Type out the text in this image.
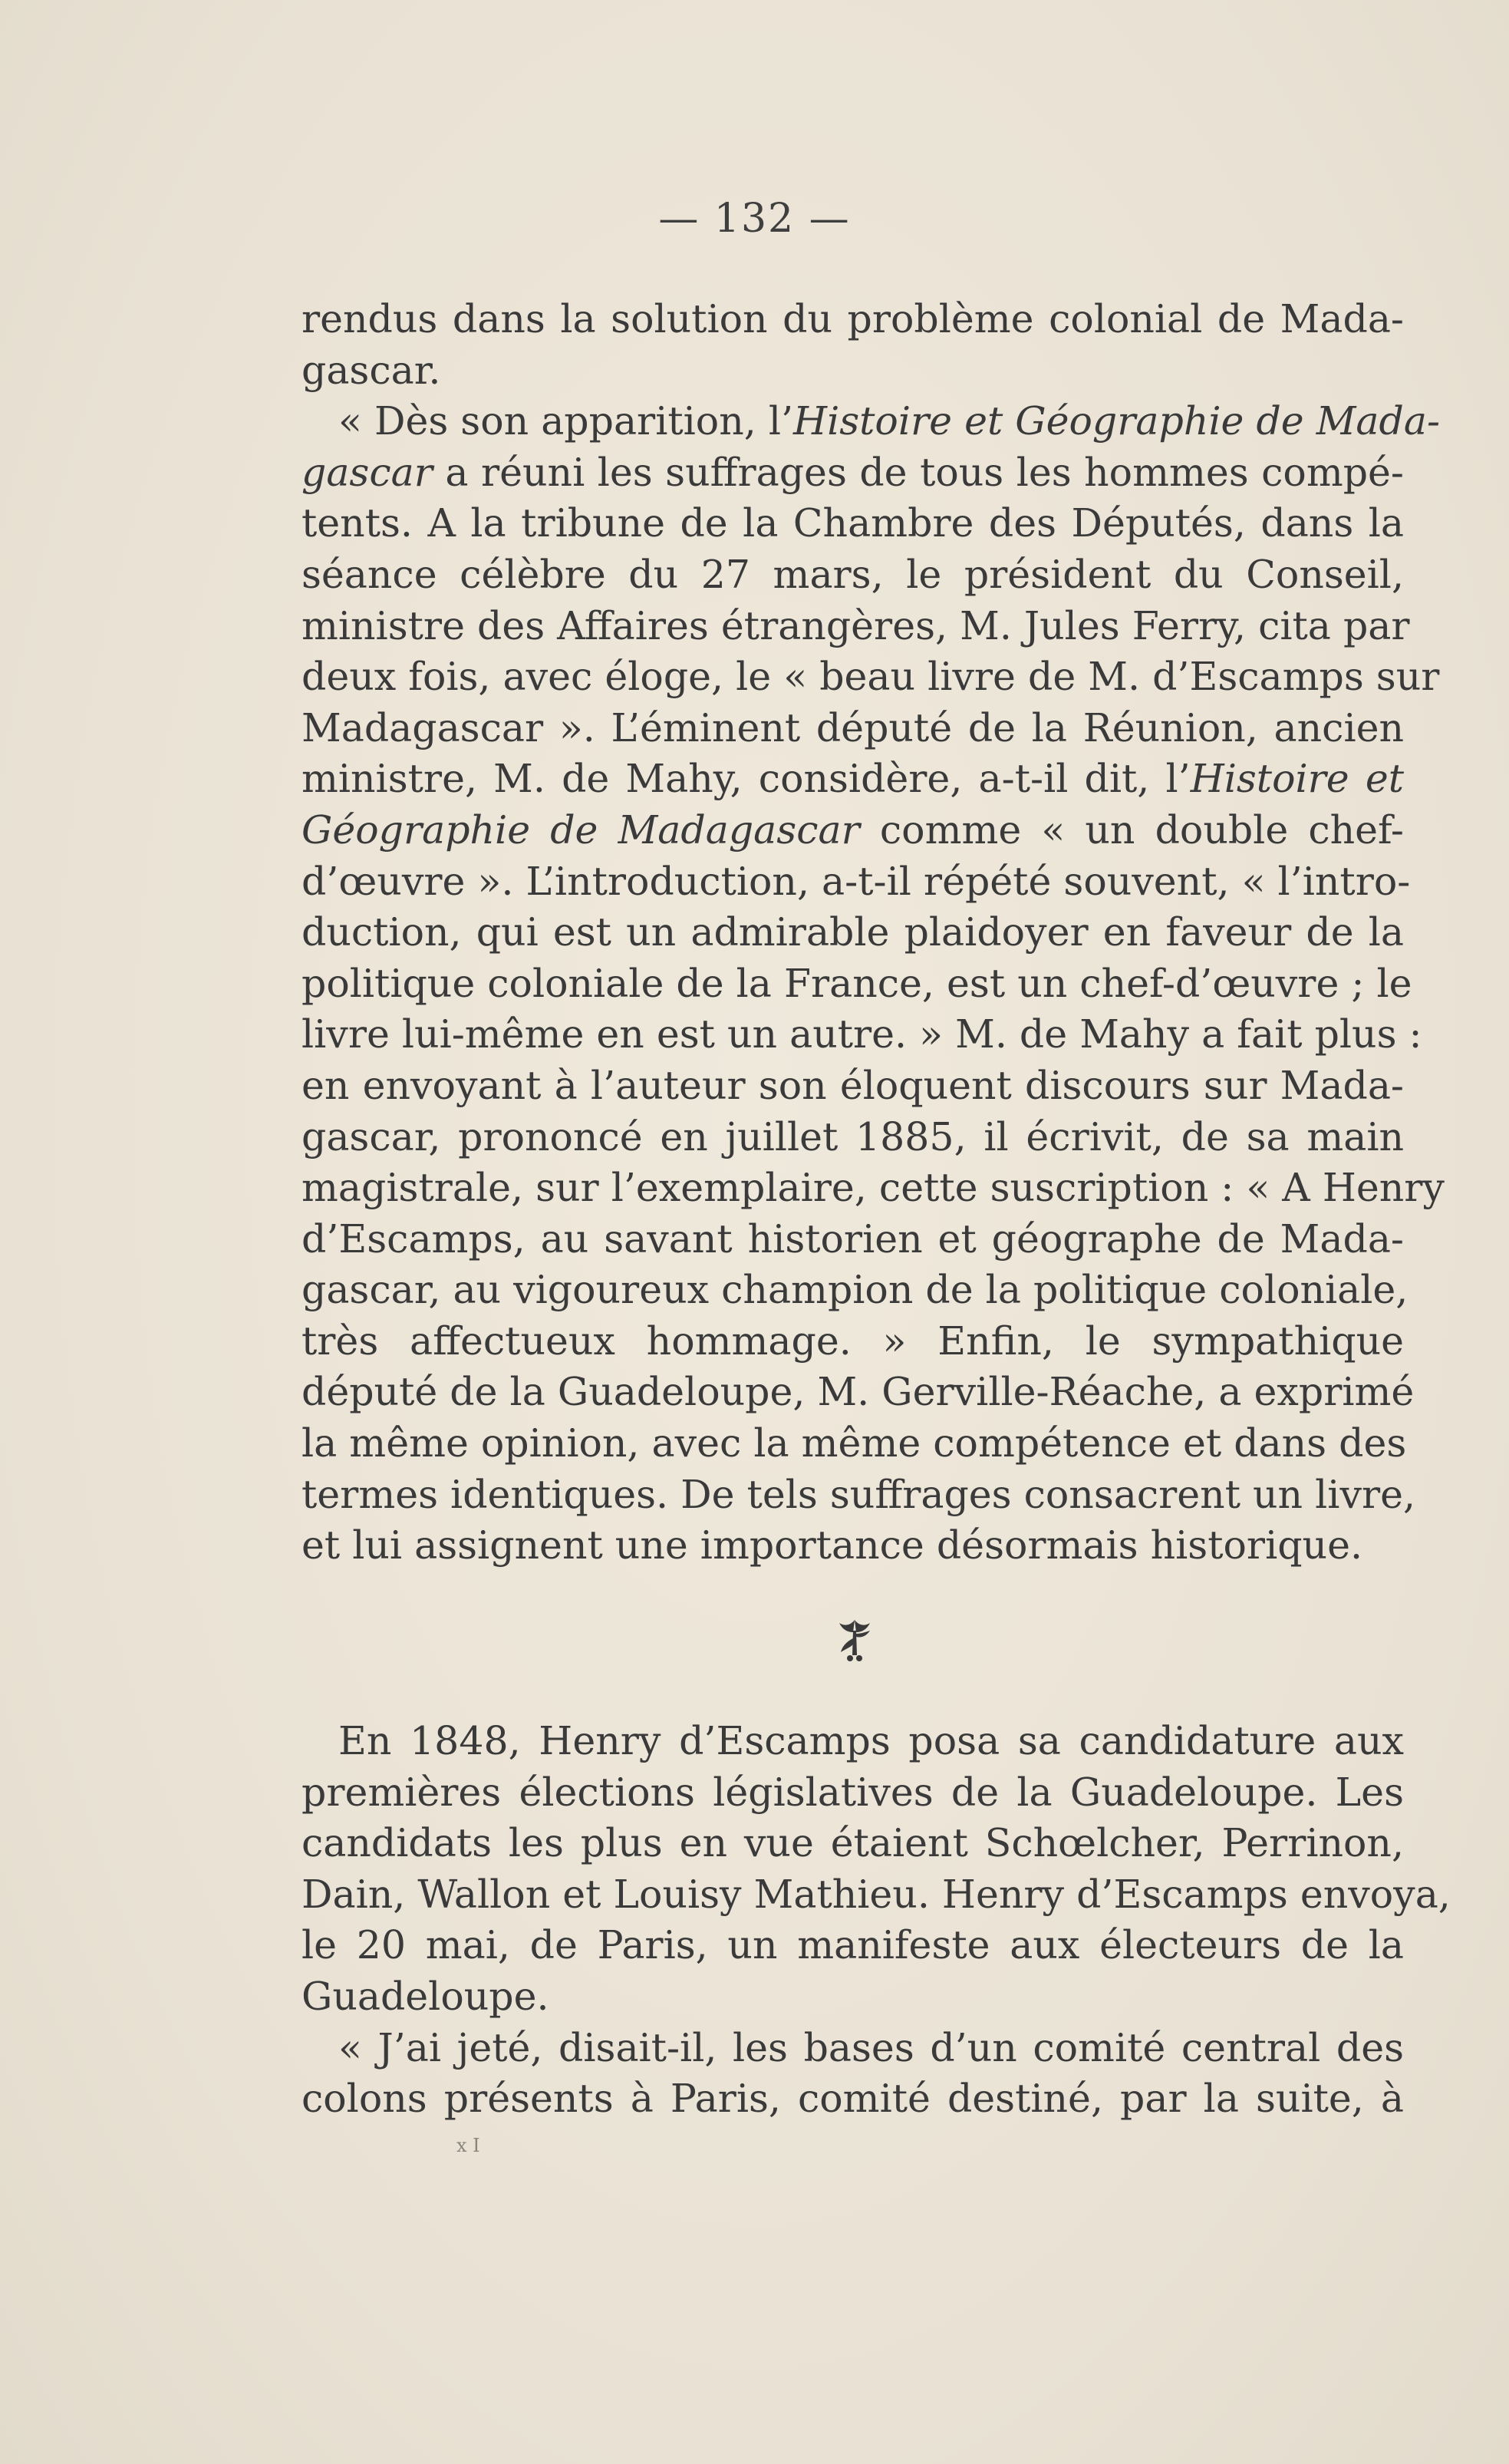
— 132 —
rendus dans la solution du problème colonial de Mada-
gascar.
« Dès son apparition, l’Histoire et Géographie de Mada-
gascar a réuni les suffrages de tous les hommes compé-
tents. A la tribune de la Chambre des Députés, dans la
séance célèbre du 27 mars, le président du Conseil,
ministre des Affaires étrangères, M. Jules Ferry, cita par
deux fois, avec éloge, le « beau livre de M. d’Escamps sur
Madagascar ». L’éminent député de la Réunion, ancien
ministre, M. de Mahy, considère, a-t-il dit, l’Histoire et
Géographie de Madagascar comme « un double chef-
d’œuvre ». L’introduction, a-t-il répété souvent, « l’intro-
duction, qui est un admirable plaidoyer en faveur de la
politique coloniale de la France, est un chef-d’œuvre ; le
livre lui-même en est un autre. » M. de Mahy a fait plus :
en envoyant à l’auteur son éloquent discours sur Mada-
gascar, prononcé en juillet 1885, il écrivit, de sa main
magistrale, sur l’exemplaire, cette suscription : « A Henry
d’Escamps, au savant historien et géographe de Mada-
gascar, au vigoureux champion de la politique coloniale,
très affectueux hommage. » Enfin, le sympathique
député de la Guadeloupe, M. Gerville-Réache, a exprimé
la même opinion, avec la même compétence et dans des
termes identiques. De tels suffrages consacrent un livre,
et lui assignent une importance désormais historique.
En 1848, Henry d’Escamps posa sa candidature aux
premières élections législatives de la Guadeloupe. Les
candidats les plus en vue étaient Schœlcher, Perrinon,
Dain, Wallon et Louisy Mathieu. Henry d’Escamps envoya,
le 20 mai, de Paris, un manifeste aux électeurs de la
Guadeloupe.
« J’ai jeté, disait-il, les bases d’un comité central des
colons présents à Paris, comité destiné, par la suite, à
x I
